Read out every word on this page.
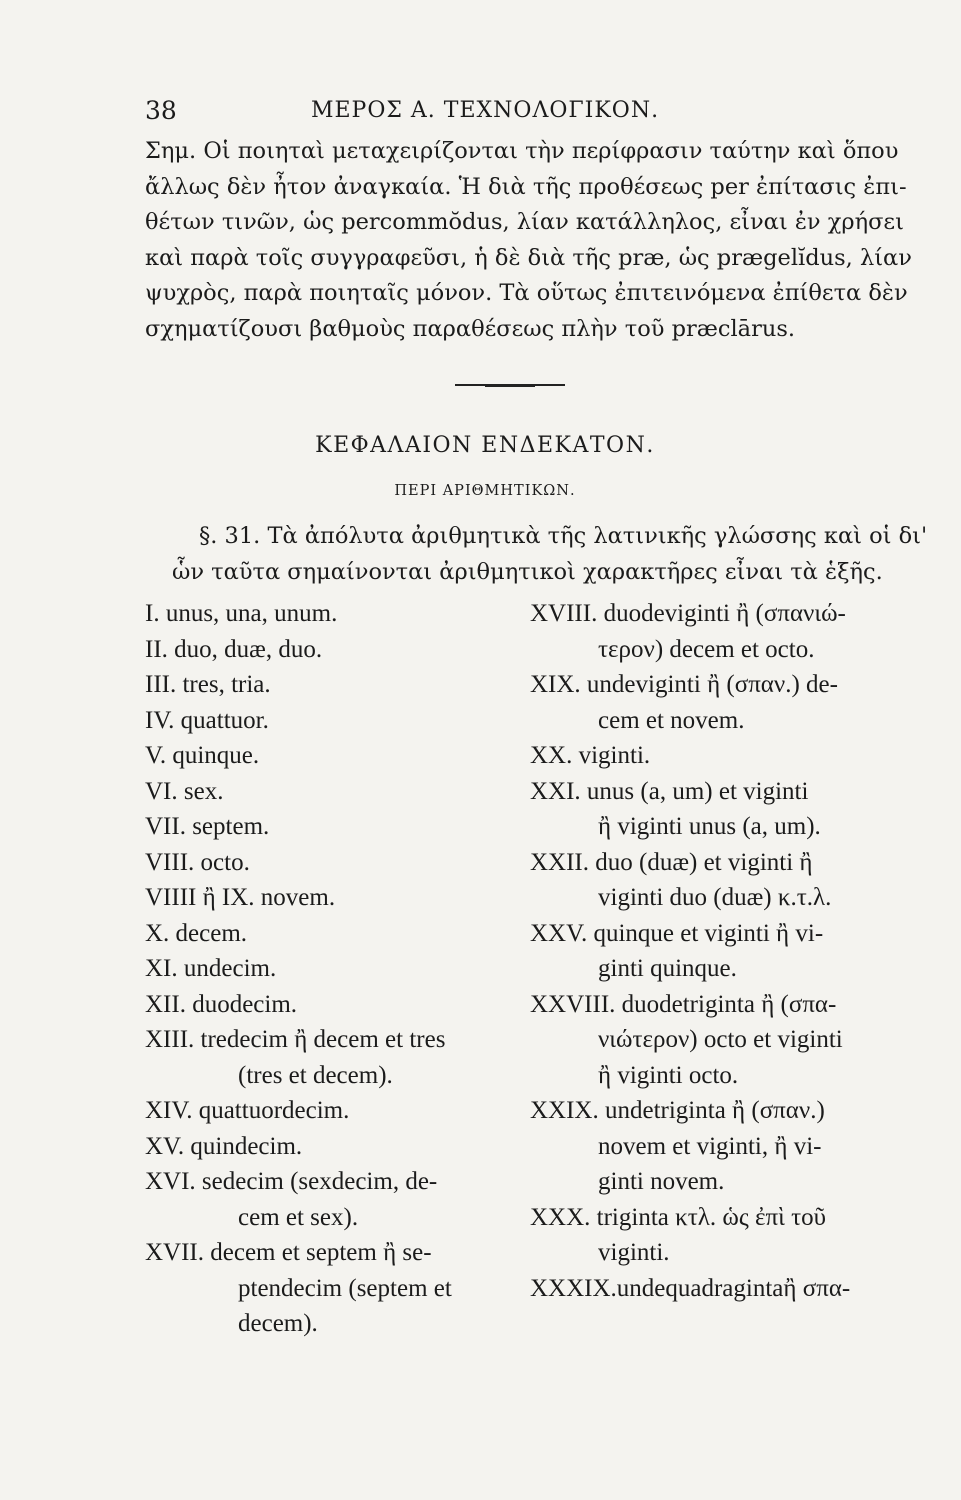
38	ΜΕΡΟΣ Α. ΤΕΧΝΟΛΟΓΙΚΟΝ.
Σημ. Οἱ ποιηταὶ μεταχειρίζονται τὴν περίφρασιν ταύτην καὶ ὅπου
ἄλλως δὲν ἦτον ἀναγκαία. Ἡ διὰ τῆς προθέσεως per ἐπίτασις ἐπι-
θέτων τινῶν, ὡς percommŏdus, λίαν κατάλληλος, εἶναι ἐν χρήσει
καὶ παρὰ τοῖς συγγραφεῦσι, ἡ δὲ διὰ τῆς præ, ὡς prægelĭdus, λίαν
ψυχρὸς, παρὰ ποιηταῖς μόνον. Τὰ οὕτως ἐπιτεινόμενα ἐπίθετα δὲν
σχηματίζουσι βαθμοὺς παραθέσεως πλὴν τοῦ præclārus.
ΚΕΦΑΛΑΙΟΝ ΕΝΔΕΚΑΤΟΝ.
ΠΕΡΙ ΑΡΙΘΜΗΤΙΚΩΝ.
§. 31. Τὰ ἀπόλυτα ἀριθμητικὰ τῆς λατινικῆς γλώσσης καὶ οἱ δι'
ὧν ταῦτα σημαίνονται ἀριθμητικοὶ χαρακτῆρες εἶναι τὰ ἑξῆς.
I. unus, una, unum.
II. duo, duæ, duo.
III. tres, tria.
IV. quattuor.
V. quinque.
VI. sex.
VII. septem.
VIII. octo.
VIIII ἢ IX. novem.
X. decem.
XI. undecim.
XII. duodecim.
XIII. tredecim ἢ decem et tres
(tres et decem).
XIV. quattuordecim.
XV. quindecim.
XVI. sedecim (sexdecim, de-
cem et sex).
XVII. decem et septem ἢ se-
ptendecim (septem et
decem).
XVIII. duodeviginti ἢ (σπανιώ-
τερον) decem et octo.
XIX. undeviginti ἢ (σπαν.) de-
cem et novem.
XX. viginti.
XXI. unus (a, um) et viginti
ἢ viginti unus (a, um).
XXII. duo (duæ) et viginti ἢ
viginti duo (duæ) κ.τ.λ.
XXV. quinque et viginti ἢ vi-
ginti quinque.
XXVIII. duodetriginta ἢ (σπα-
νιώτερον) octo et viginti
ἢ viginti octo.
XXIX. undetriginta ἢ (σπαν.)
novem et viginti, ἢ vi-
ginti novem.
XXX. triginta κτλ. ὡς ἐπὶ τοῦ
viginti.
XXXIX.undequadragintaἢ σπα-
